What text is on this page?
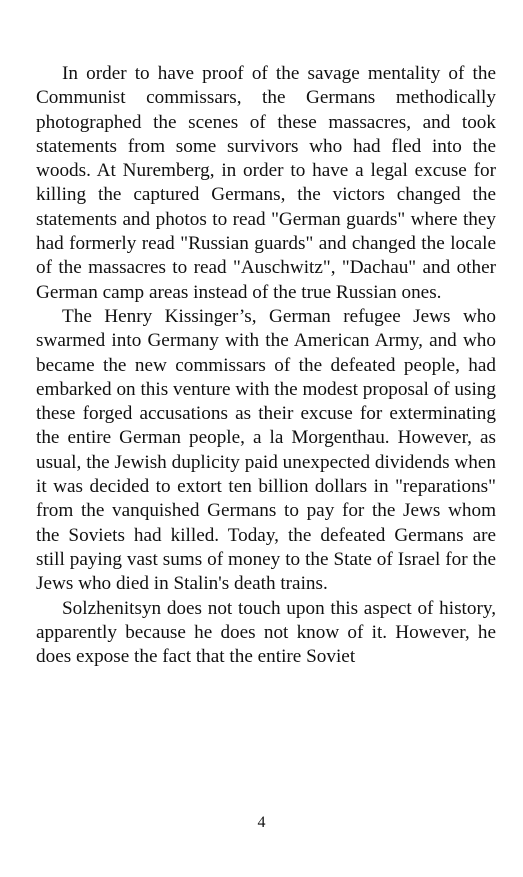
In order to have proof of the savage mentality of the Communist commissars, the Germans methodically photographed the scenes of these massacres, and took statements from some survivors who had fled into the woods. At Nuremberg, in order to have a legal excuse for killing the captured Germans, the victors changed the statements and photos to read "German guards" where they had formerly read "Russian guards" and changed the locale of the massacres to read "Auschwitz", "Dachau" and other German camp areas instead of the true Russian ones.

The Henry Kissinger’s, German refugee Jews who swarmed into Germany with the American Army, and who became the new commissars of the defeated people, had embarked on this venture with the modest proposal of using these forged accusations as their excuse for exterminating the entire German people, a la Morgenthau. However, as usual, the Jewish duplicity paid unexpected dividends when it was decided to extort ten billion dollars in "reparations" from the vanquished Germans to pay for the Jews whom the Soviets had killed. Today, the defeated Germans are still paying vast sums of money to the State of Israel for the Jews who died in Stalin's death trains.

Solzhenitsyn does not touch upon this aspect of history, apparently because he does not know of it. However, he does expose the fact that the entire Soviet

4
